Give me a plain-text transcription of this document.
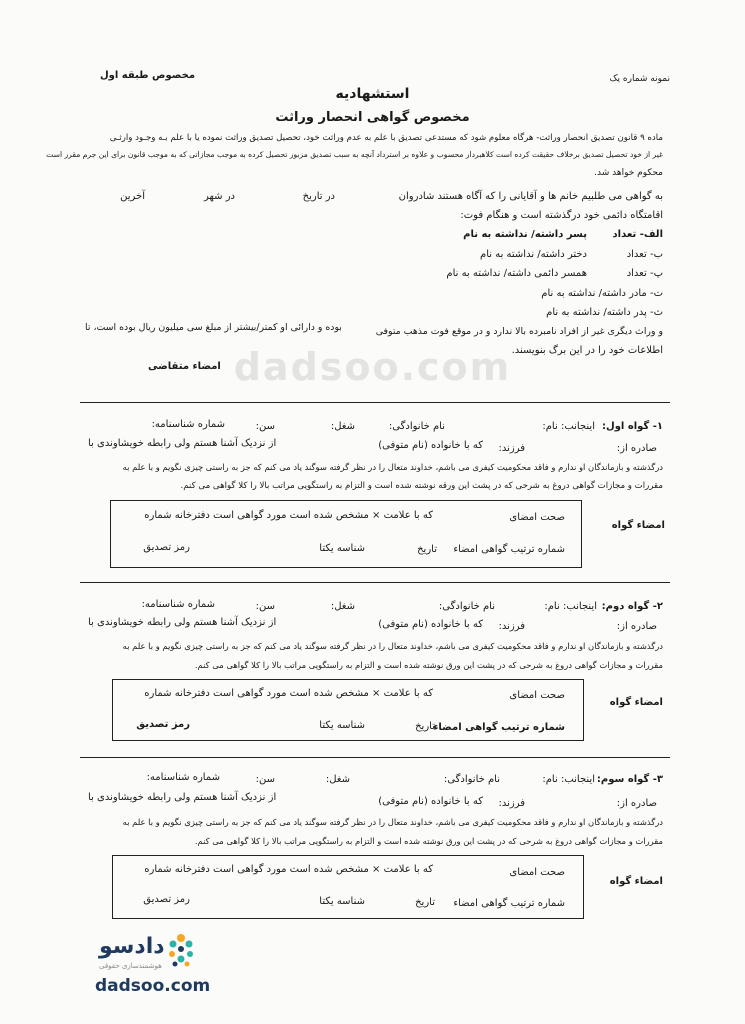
dadsoo.com
نمونه شماره یک
مخصوص طبقه اول
استشهادیه
مخصوص گواهی انحصار وراثت
ماده ۹ قانون تصدیق انحصار وراثت- هرگاه معلوم شود که مستدعی تصدیق با علم به عدم وراثت خود، تحصیل تصدیق وراثت نموده یا با علم بـه وجـود وارثـی
غیر از خود تحصیل تصدیق برخلاف حقیقت کرده است کلاهبردار محسوب و علاوه بر استرداد آنچه به سبب تصدیق مزبور تحصیل کرده به موجب مجازاتی که به موجب قانون برای این جرم مقرر است
محکوم خواهد شد.
به گواهی می طلبیم خانم ها و آقایانی را که آگاه هستند شادروان
در تاریخ
در شهر
آخرین
اقامتگاه دائمی خود درگذشته است و هنگام فوت:
الف- تعداد
پسر داشته/ نداشته به نام
ب- تعداد
دختر داشته/ نداشته به نام
پ- تعداد
همسر دائمی داشته/ نداشته به نام
ت- مادر داشته/ نداشته به نام
ث- پدر داشته/ نداشته به نام
و وراث دیگری غیر از افراد نامبرده بالا ندارد و در موقع فوت مذهب متوفی
بوده و دارائی او کمتر/بیشتر از مبلغ سی میلیون ریال بوده است، تا
اطلاعات خود را در این برگ بنویسند.
امضاء متقاضی
۱- گواه اول:
اینجانب: نام:
نام خانوادگی:
شغل:
سن:
شماره شناسنامه:
صادره از:
فرزند:
که با خانواده (نام متوفی)
از نزدیک آشنا هستم ولی رابطه خویشاوندی با
درگذشته و بازماندگان او ندارم و فاقد محکومیت کیفری می باشم، خداوند متعال را در نظر گرفته سوگند یاد می کنم که جز به راستی چیزی نگویم و با علم به
مقررات و مجازات گواهی دروغ به شرحی که در پشت این ورقه نوشته شده است و التزام به راستگویی مراتب بالا را کلا گواهی می کنم.
امضاء گواه
صحت امضای
که با علامت × مشخص شده است مورد گواهی است دفترخانه شماره
شماره ترتیب گواهی امضاء
تاریخ
شناسه یکتا
رمز تصدیق
۲- گواه دوم:
اینجانب: نام:
نام خانوادگی:
شغل:
سن:
شماره شناسنامه:
صادره از:
فرزند:
که با خانواده (نام متوفی)
از نزدیک آشنا هستم ولی رابطه خویشاوندی با
درگذشته و بازماندگان او ندارم و فاقد محکومیت کیفری می باشم، خداوند متعال را در نظر گرفته سوگند یاد می کنم که جز به راستی چیزی نگویم و با علم به
مقررات و مجازات گواهی دروغ به شرحی که در پشت این ورق نوشته شده است و التزام به راستگویی مراتب بالا را کلا گواهی می کنم.
امضاء گواه
صحت امضای
که با علامت × مشخص شده است مورد گواهی است دفترخانه شماره
شماره ترتیب گواهی امضاء
تاریخ
شناسه یکتا
رمز تصدیق
۳- گواه سوم:
اینجانب: نام:
نام خانوادگی:
شغل:
سن:
شماره شناسنامه:
صادره از:
فرزند:
که با خانواده (نام متوفی)
از نزدیک آشنا هستم ولی رابطه خویشاوندی با
درگذشته و بازماندگان او ندارم و فاقد محکومیت کیفری می باشم، خداوند متعال را در نظر گرفته سوگند یاد می کنم که جز به راستی چیزی نگویم و با علم به
مقررات و مجازات گواهی دروغ به شرحی که در پشت این ورق نوشته شده است و التزام به راستگویی مراتب بالا را کلا گواهی می کنم.
امضاء گواه
صحت امضای
که با علامت × مشخص شده است مورد گواهی است دفترخانه شماره
شماره ترتیب گواهی امضاء
تاریخ
شناسه یکتا
رمز تصدیق
دادسو
هوشمندسازی حقوقی
dadsoo.com
